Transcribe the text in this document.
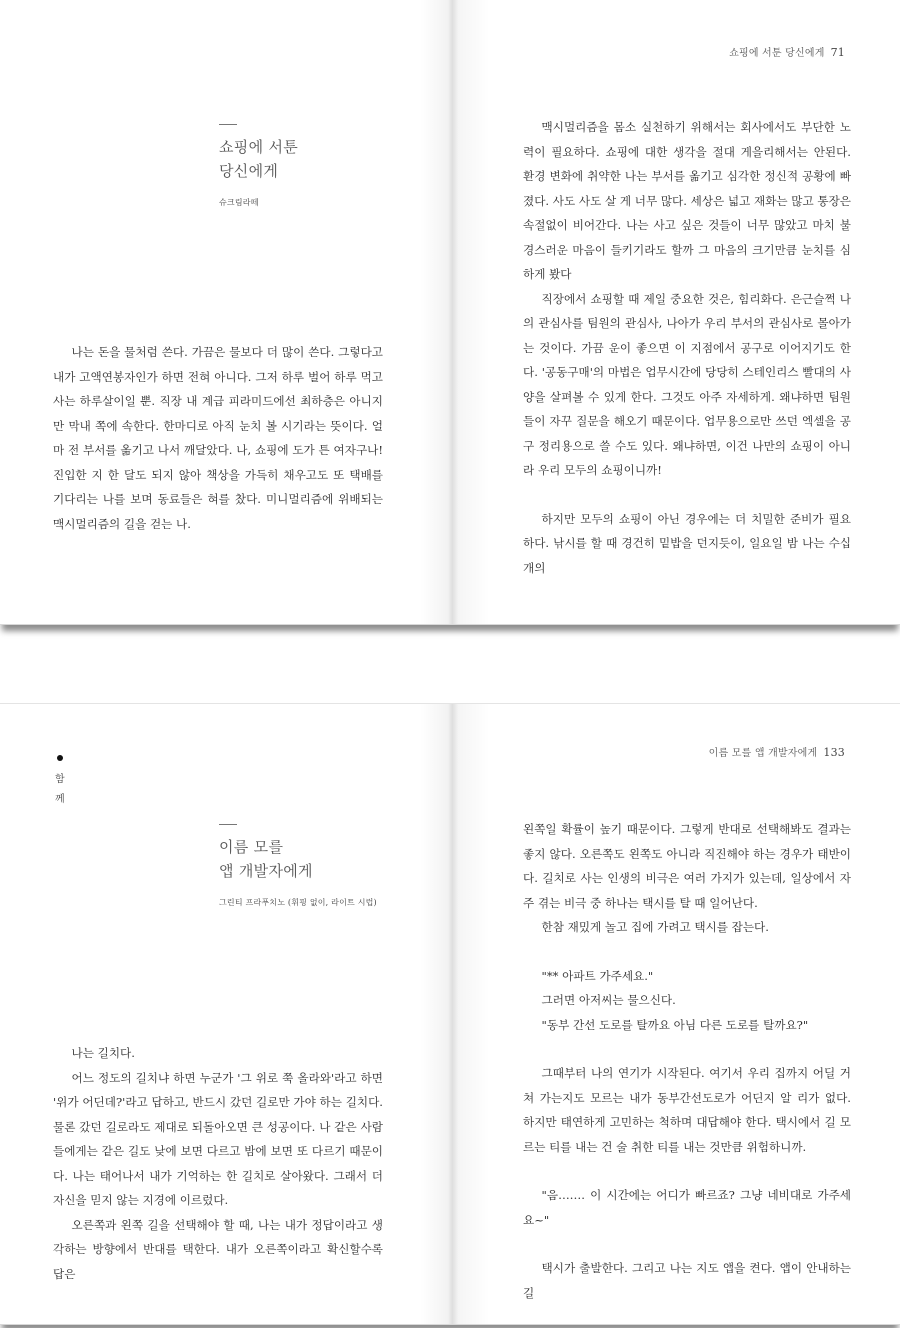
쇼핑에 서툰
당신에게
슈크림라떼

나는 돈을 물처럼 쓴다. 가끔은 물보다 더 많이 쓴다. 그렇다고 내가 고액연봉자인가 하면 전혀 아니다. 그저 하루 벌어 하루 먹고사는 하루살이일 뿐. 직장 내 계급 피라미드에선 최하층은 아니지만 막내 쪽에 속한다. 한마디로 아직 눈치 볼 시기라는 뜻이다. 얼마 전 부서를 옮기고 나서 깨달았다. 나, 쇼핑에 도가 튼 여자구나! 진입한 지 한 달도 되지 않아 책상을 가득히 채우고도 또 택배를 기다리는 나를 보며 동료들은 혀를 찼다. 미니멀리즘에 위배되는 맥시멀리즘의 길을 걷는 나.

쇼핑에 서툰 당신에게 71

맥시멀리즘을 몸소 실천하기 위해서는 회사에서도 부단한 노력이 필요하다. 쇼핑에 대한 생각을 절대 게을리해서는 안된다. 환경 변화에 취약한 나는 부서를 옮기고 심각한 정신적 공황에 빠졌다. 사도 사도 살 게 너무 많다. 세상은 넓고 재화는 많고 통장은 속절없이 비어간다. 나는 사고 싶은 것들이 너무 많았고 마치 불경스러운 마음이 들키기라도 할까 그 마음의 크기만큼 눈치를 심하게 봤다

직장에서 쇼핑할 때 제일 중요한 것은, 힘리화다. 은근슬쩍 나의 관심사를 팀원의 관심사, 나아가 우리 부서의 관심사로 몰아가는 것이다. 가끔 운이 좋으면 이 지점에서 공구로 이어지기도 한다. '공동구매'의 마법은 업무시간에 당당히 스테인리스 빨대의 사양을 살펴볼 수 있게 한다. 그것도 아주 자세하게. 왜냐하면 팀원들이 자꾸 질문을 해오기 때문이다. 업무용으로만 쓰던 엑셀을 공구 정리용으로 쓸 수도 있다. 왜냐하면, 이건 나만의 쇼핑이 아니라 우리 모두의 쇼핑이니까!

하지만 모두의 쇼핑이 아닌 경우에는 더 치밀한 준비가 필요하다. 낚시를 할 때 경건히 밑밥을 던지듯이, 일요일 밤 나는 수십 개의

함
께
이름 모를
앱 개발자에게
그린티 프라푸치노 (휘핑 없이, 라이트 시럽)

나는 길치다.

어느 정도의 길치냐 하면 누군가 '그 위로 쭉 올라와'라고 하면 '위가 어딘데?'라고 답하고, 반드시 갔던 길로만 가야 하는 길치다. 물론 갔던 길로라도 제대로 되돌아오면 큰 성공이다. 나 같은 사람들에게는 같은 길도 낮에 보면 다르고 밤에 보면 또 다르기 때문이다. 나는 태어나서 내가 기억하는 한 길치로 살아왔다. 그래서 더 자신을 믿지 않는 지경에 이르렀다.

오른쪽과 왼쪽 길을 선택해야 할 때, 나는 내가 정답이라고 생각하는 방향에서 반대를 택한다. 내가 오른쪽이라고 확신할수록 답은

이름 모를 앱 개발자에게 133

왼쪽일 확률이 높기 때문이다. 그렇게 반대로 선택해봐도 결과는 좋지 않다. 오른쪽도 왼쪽도 아니라 직진해야 하는 경우가 태반이다. 길치로 사는 인생의 비극은 여러 가지가 있는데, 일상에서 자주 겪는 비극 중 하나는 택시를 탈 때 일어난다.

한참 재밌게 놀고 집에 가려고 택시를 잡는다.

"** 아파트 가주세요."

그러면 아저씨는 물으신다.

"동부 간선 도로를 탈까요 아님 다른 도로를 탈까요?"

그때부터 나의 연기가 시작된다. 여기서 우리 집까지 어딜 거쳐 가는지도 모르는 내가 동부간선도로가 어딘지 알 리가 없다. 하지만 태연하게 고민하는 척하며 대답해야 한다. 택시에서 길 모르는 티를 내는 건 술 취한 티를 내는 것만큼 위험하니까.

"음……. 이 시간에는 어디가 빠르죠? 그냥 네비대로 가주세요~"

택시가 출발한다. 그리고 나는 지도 앱을 켠다. 앱이 안내하는 길
